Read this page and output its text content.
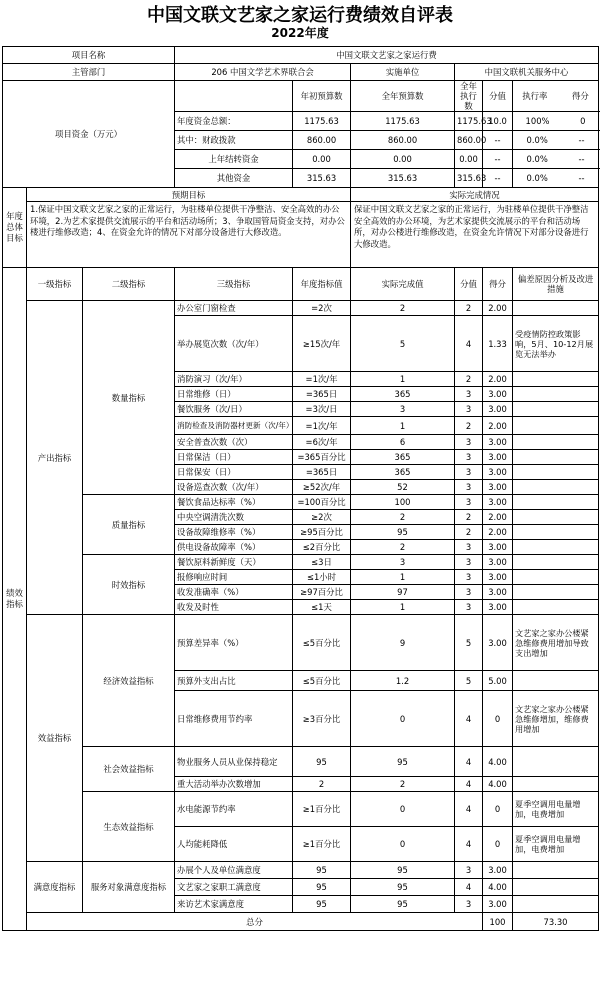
中国文联文艺家之家运行费绩效自评表
2022年度
项目名称			中国文联文艺家之家运行费						
主管部门			206 中国文学艺术界联合会		实施单位	中国文联机关服务中心			
项目资金（万元）				年初预算数	全年预算数	全年执行数	分值	执行率 得分	
			年度资金总额：	1175.63	1175.63	1175.63	10.0	100% 0	
			其中：财政拨款	860.00	860.00	860.00	--	0.0% --	
			上年结转资金	0.00	0.00	0.00	--	0.0% --	
			其他资金	315.63	315.63	315.63	--	0.0% --	
年度总体目标	预期目标				实际完成情况				
	1.保证中国文联文艺家之家的正常运行，为驻楼单位提供干净整洁、安全高效的办公环境，2.为艺术家提供交流展示的平台和活动场所；3、争取国管局资金支持，对办公楼进行维修改造；4、在资金允许的情况下对部分设备进行大修改造。				保证中国文联文艺家之家的正常运行，为驻楼单位提供干净整洁安全高效的办公环境，为艺术家提供交流展示的平台和活动场所，对办公楼进行维修改造，在资金允许情况下对部分设备进行大修改造。				
绩效指标	一级指标	二级指标	三级指标	年度指标值	实际完成值	分值	得分	偏差原因分析及改进措施	
	产出指标	数量指标	办公室门窗检查	=2次	2	2	2.00		
			举办展览次数（次/年）	≥15次/年	5	4	1.33	受疫情防控政策影响，5月、10-12月展览无法举办	
			消防演习（次/年）	=1次/年	1	2	2.00		
			日常维修（日）	=365日	365	3	3.00		
			餐饮服务（次/日）	=3次/日	3	3	3.00		
			消防检查及消防器材更新（次/年）	=1次/年	1	2	2.00		
			安全普查次数（次）	=6次/年	6	3	3.00		
			日常保洁（日）	=365百分比	365	3	3.00		
			日常保安（日）	=365日	365	3	3.00		
			设备巡查次数（次/年）	≥52次/年	52	3	3.00		
		质量指标	餐饮食品达标率（%）	=100百分比	100	3	3.00		
			中央空调清洗次数	≥2次	2	2	2.00		
			设备故障维修率（%）	≥95百分比	95	2	2.00		
			供电设备故障率（%）	≤2百分比	2	3	3.00		
		时效指标	餐饮原料新鲜度（天）	≤3日	3	3	3.00		
			报修响应时间	≤1小时	1	3	3.00		
			收发准确率（%）	≥97百分比	97	3	3.00		
			收发及时性	≤1天	1	3	3.00		
	效益指标	经济效益指标	预算差异率（%）	≤5百分比	9	5	3.00	文艺家之家办公楼紧急维修费用增加导致支出增加	
			预算外支出占比	≤5百分比	1.2	5	5.00		
			日常维修费用节约率	≥3百分比	0	4	0	文艺家之家办公楼紧急维修增加，维修费用增加	
		社会效益指标	物业服务人员从业保持稳定	95	95	4	4.00		
			重大活动举办次数增加	2	2	4	4.00		
		生态效益指标	水电能源节约率	≥1百分比	0	4	0	夏季空调用电量增加，电费增加	
			人均能耗降低	≥1百分比	0	4	0	夏季空调用电量增加，电费增加	
	满意度指标	服务对象满意度指标	办展个人及单位满意度	95	95	3	3.00		
			文艺家之家职工满意度	95	95	4	4.00		
			来访艺术家满意度	95	95	3	3.00		
	总分						100	73.30	
